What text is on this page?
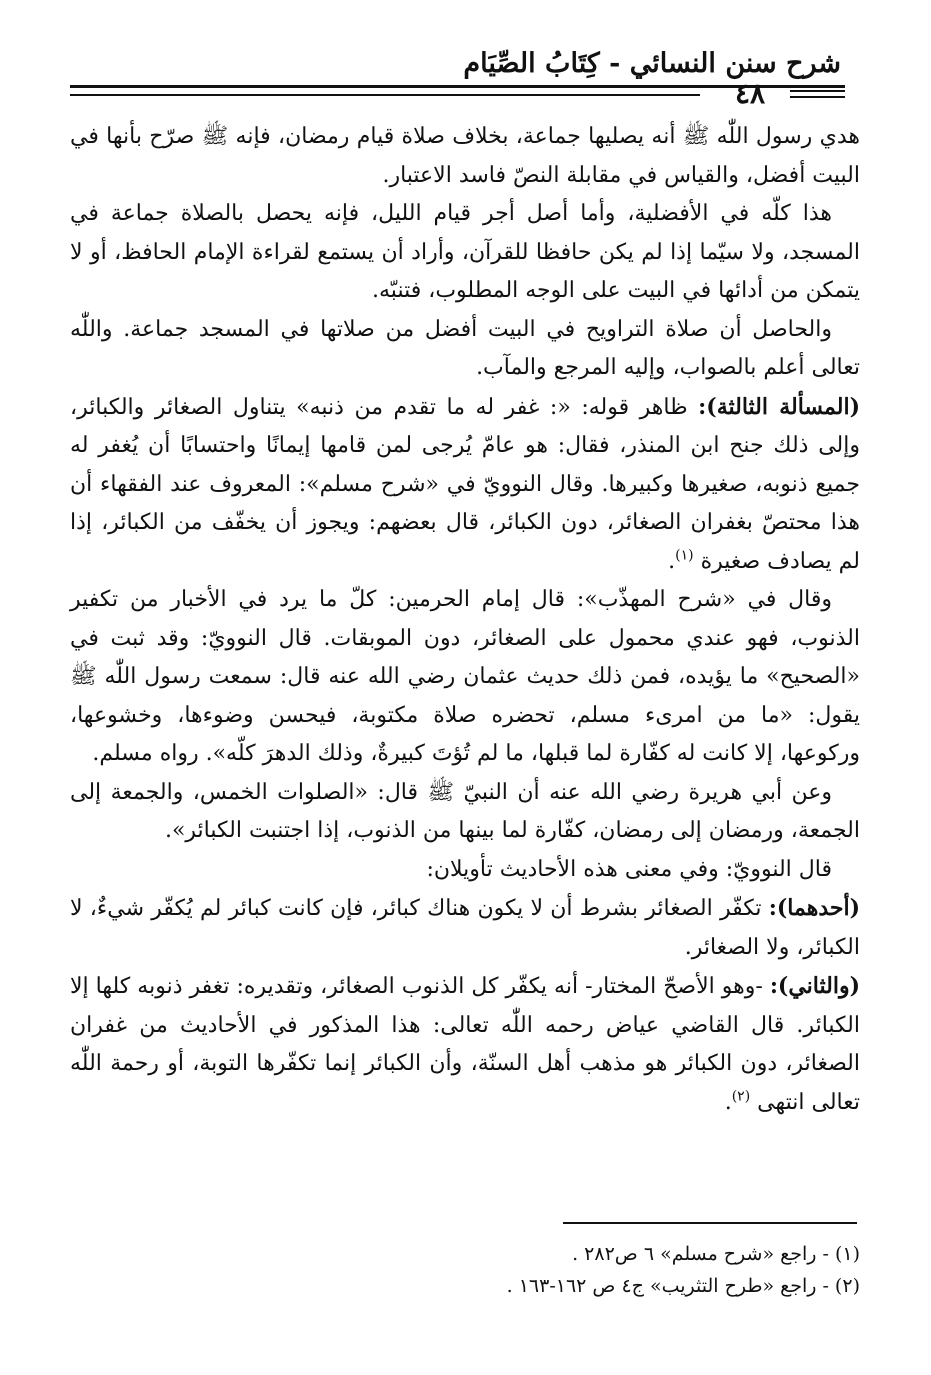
شرح سنن النسائي - كِتَابُ الصِّيَام
٤٨

هدي رسول اللّٰه ﷺ أنه يصليها جماعة، بخلاف صلاة قيام رمضان، فإنه ﷺ صرّح بأنها في البيت أفضل، والقياس في مقابلة النصّ فاسد الاعتبار.

هذا كلّه في الأفضلية، وأما أصل أجر قيام الليل، فإنه يحصل بالصلاة جماعة في المسجد، ولا سيّما إذا لم يكن حافظا للقرآن، وأراد أن يستمع لقراءة الإمام الحافظ، أو لا يتمكن من أدائها في البيت على الوجه المطلوب، فتنبّه.

والحاصل أن صلاة التراويح في البيت أفضل من صلاتها في المسجد جماعة. واللّٰه تعالى أعلم بالصواب، وإليه المرجع والمآب.

(المسألة الثالثة): ظاهر قوله: «: غفر له ما تقدم من ذنبه» يتناول الصغائر والكبائر، وإلى ذلك جنح ابن المنذر، فقال: هو عامّ يُرجى لمن قامها إيمانًا واحتسابًا أن يُغفر له جميع ذنوبه، صغيرها وكبيرها. وقال النوويّ في «شرح مسلم»: المعروف عند الفقهاء أن هذا محتصّ بغفران الصغائر، دون الكبائر، قال بعضهم: ويجوز أن يخفّف من الكبائر، إذا لم يصادف صغيرة $^{(١)}$.

وقال في «شرح المهذّب»: قال إمام الحرمين: كلّ ما يرد في الأخبار من تكفير الذنوب، فهو عندي محمول على الصغائر، دون الموبقات. قال النوويّ: وقد ثبت في «الصحيح» ما يؤيده، فمن ذلك حديث عثمان رضي الله عنه قال: سمعت رسول اللّٰه ﷺ يقول: «ما من امرىء مسلم، تحضره صلاة مكتوبة، فيحسن وضوءها، وخشوعها، وركوعها، إلا كانت له كفّارة لما قبلها، ما لم تُؤتَ كبيرةٌ، وذلك الدهرَ كلّه». رواه مسلم.

وعن أبي هريرة رضي الله عنه أن النبيّ ﷺ قال: «الصلوات الخمس، والجمعة إلى الجمعة، ورمضان إلى رمضان، كفّارة لما بينها من الذنوب، إذا اجتنبت الكبائر».

قال النوويّ: وفي معنى هذه الأحاديث تأويلان:

(أحدهما): تكفّر الصغائر بشرط أن لا يكون هناك كبائر، فإن كانت كبائر لم يُكفّر شيءٌ، لا الكبائر، ولا الصغائر.

(والثاني): -وهو الأصحّ المختار- أنه يكفّر كل الذنوب الصغائر، وتقديره: تغفر ذنوبه كلها إلا الكبائر. قال القاضي عياض رحمه اللّٰه تعالى: هذا المذكور في الأحاديث من غفران الصغائر، دون الكبائر هو مذهب أهل السنّة، وأن الكبائر إنما تكفّرها التوبة، أو رحمة اللّٰه تعالى انتهى $^{(٢)}$.

(١) - راجع «شرح مسلم» ٦ ص٢٨٢ .
(٢) - راجع «طرح التثريب» ج٤ ص ١٦٢-١٦٣ .
